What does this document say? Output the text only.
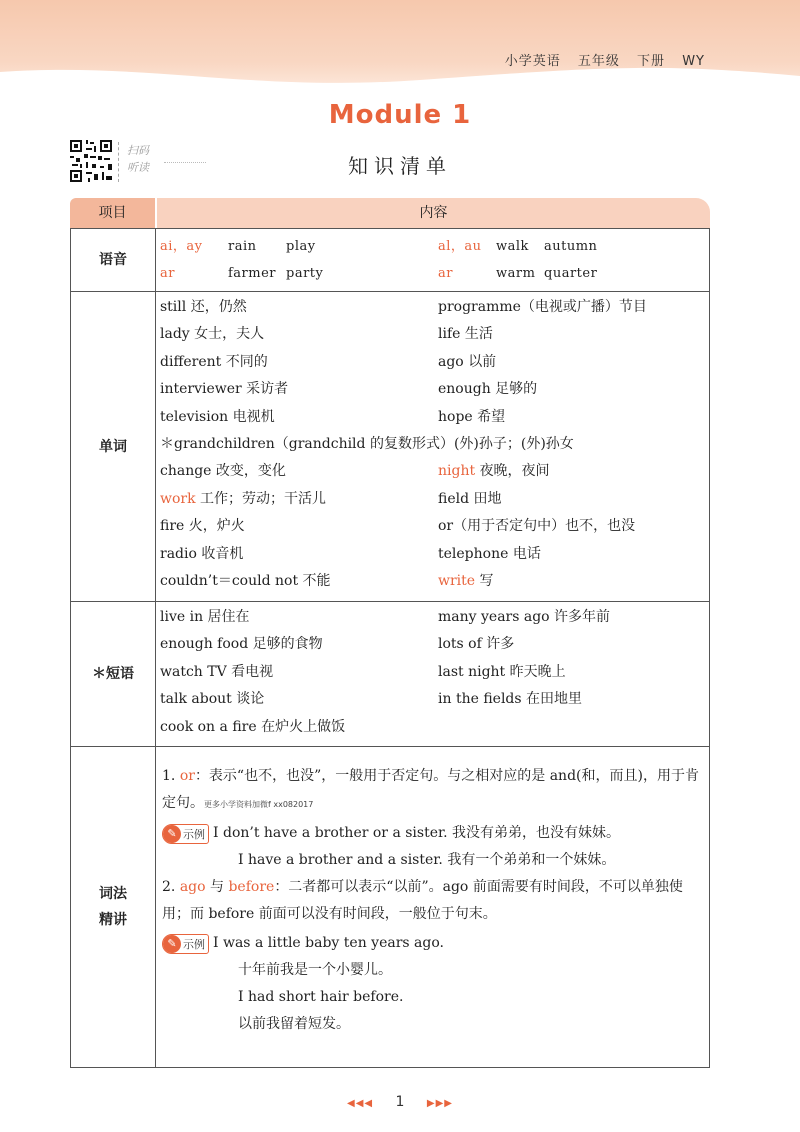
小学英语 五年级 下册 WY
Module 1
扫码
听读	知识清单
项目	内容
语音
ai，ay rain play	al，au walk autumn
ar	farmer party	ar	warm quarter
单词
still 还，仍然	programme（电视或广播）节目
lady 女士，夫人	life 生活
different 不同的	ago 以前
interviewer 采访者	enough 足够的
television 电视机	hope 希望
＊grandchildren（grandchild 的复数形式）(外)孙子；(外)孙女
change 改变，变化	night 夜晚，夜间
work 工作；劳动；干活儿	field 田地
fire 火，炉火	or（用于否定句中）也不，也没
radio 收音机	telephone 电话
couldn’t＝could not 不能	write 写
＊短语
live in 居住在	many years ago 许多年前
enough food 足够的食物	lots of 许多
watch TV 看电视	last night 昨天晚上
talk about 谈论	in the fields 在田地里
cook on a fire 在炉火上做饭
词法
精讲
1. or：表示“也不，也没”，一般用于否定句。与之相对应的是 and(和，而且)，用于肯定句。更多小学资料加微f xx082017
✎ 示例 I don’t have a brother or a sister. 我没有弟弟，也没有妹妹。
I have a brother and a sister. 我有一个弟弟和一个妹妹。
2. ago 与 before：二者都可以表示“以前”。ago 前面需要有时间段，不可以单独使用；而 before 前面可以没有时间段，一般位于句末。
✎ 示例 I was a little baby ten years ago.
十年前我是一个小婴儿。
I had short hair before.
以前我留着短发。
◀◀◀ 1 ▶▶▶
